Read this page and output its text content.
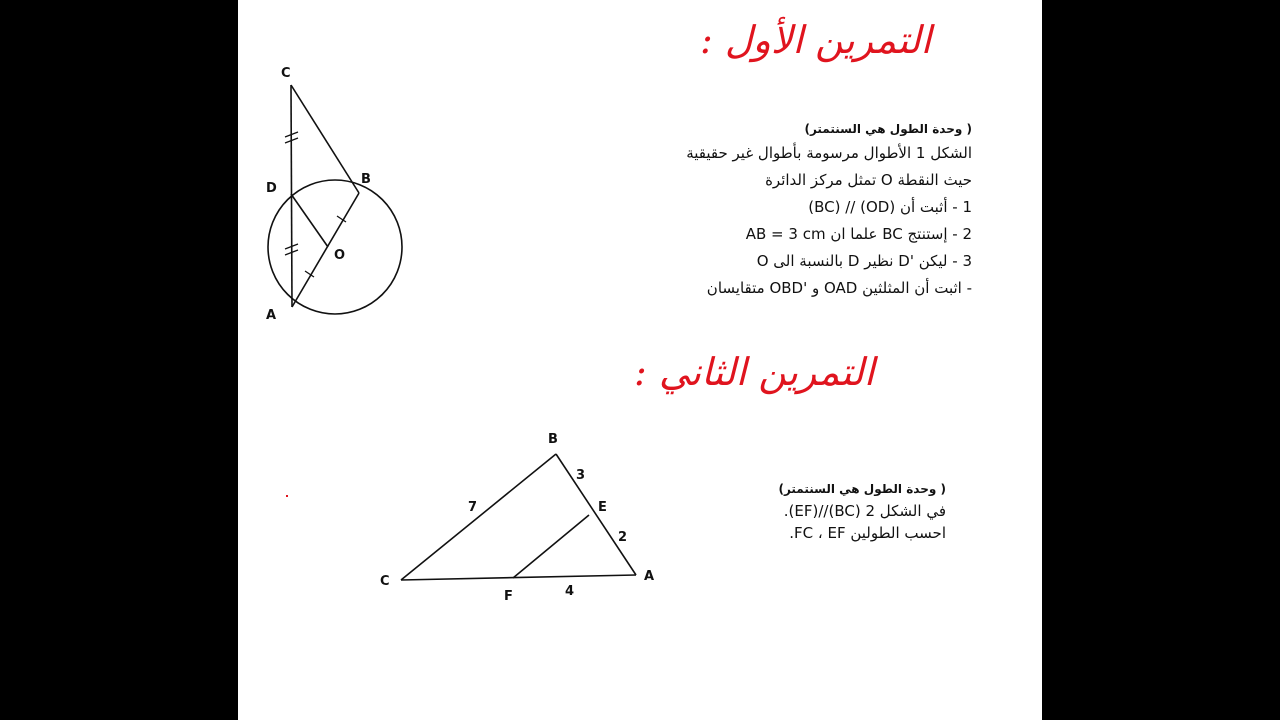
التمرين الأول :
C
D
B
O
A
( وحدة الطول هي السنتمتر)
الشكل 1 الأطوال مرسومة بأطوال غير حقيقية
حيث النقطة O تمثل مركز الدائرة
1 - أثبت أن (OD) // (BC)
2 - إستنتج BC علما ان AB = 3 cm
3 - ليكن 'D نظير D بالنسبة الى O
- اثبت أن المثلثين OAD و 'OBD متقايسان
التمرين الثاني :
B
E
C
F
A
7
3
2
4
( وحدة الطول هي السنتمتر)
في الشكل 2 (BC)//(EF).
احسب الطولين FC ، EF.
